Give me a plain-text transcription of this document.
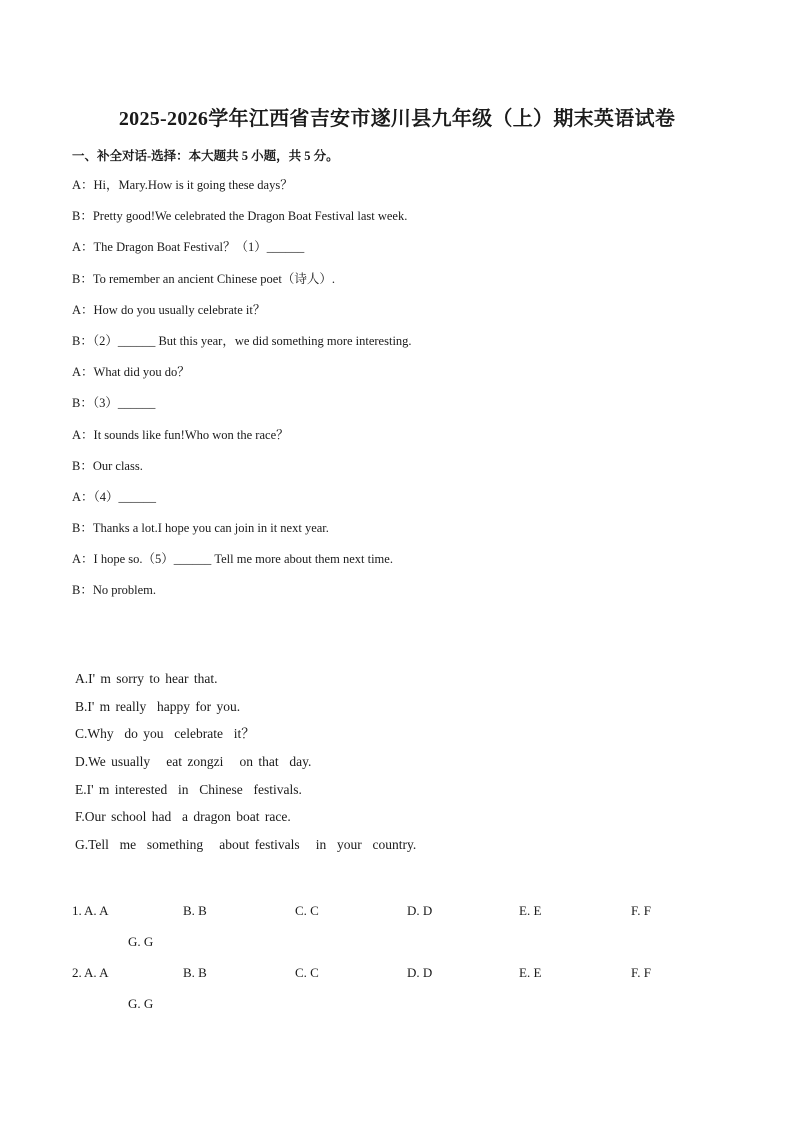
2025-2026学年江西省吉安市遂川县九年级（上）期末英语试卷
一、补全对话-选择：本大题共 5 小题，共 5 分。
A：Hi，Mary.How is it going these days？
B：Pretty good!We celebrated the Dragon Boat Festival last week.
A：The Dragon Boat Festival？（1）______
B：To remember an ancient Chinese poet（诗人）.
A：How do you usually celebrate it？
B：（2）______ But this year，we did something more interesting.
A：What did you do？
B：（3）______
A：It sounds like fun!Who won the race？
B：Our class.
A：（4）______
B：Thanks a lot.I hope you can join in it next year.
A：I hope so.（5）______ Tell me more about them next time.
B：No problem.
A.I' m sorry to hear that.
B.I' m really  happy for you.
C.Why  do you  celebrate  it？
D.We usually   eat zongzi   on that  day.
E.I' m interested  in  Chinese  festivals.
F.Our school had  a dragon boat race.
G.Tell  me  something   about festivals   in  your  country.
1. A. A	B. B	C. C	D. D	E. E	F. F
G. G
2. A. A	B. B	C. C	D. D	E. E	F. F
G. G
